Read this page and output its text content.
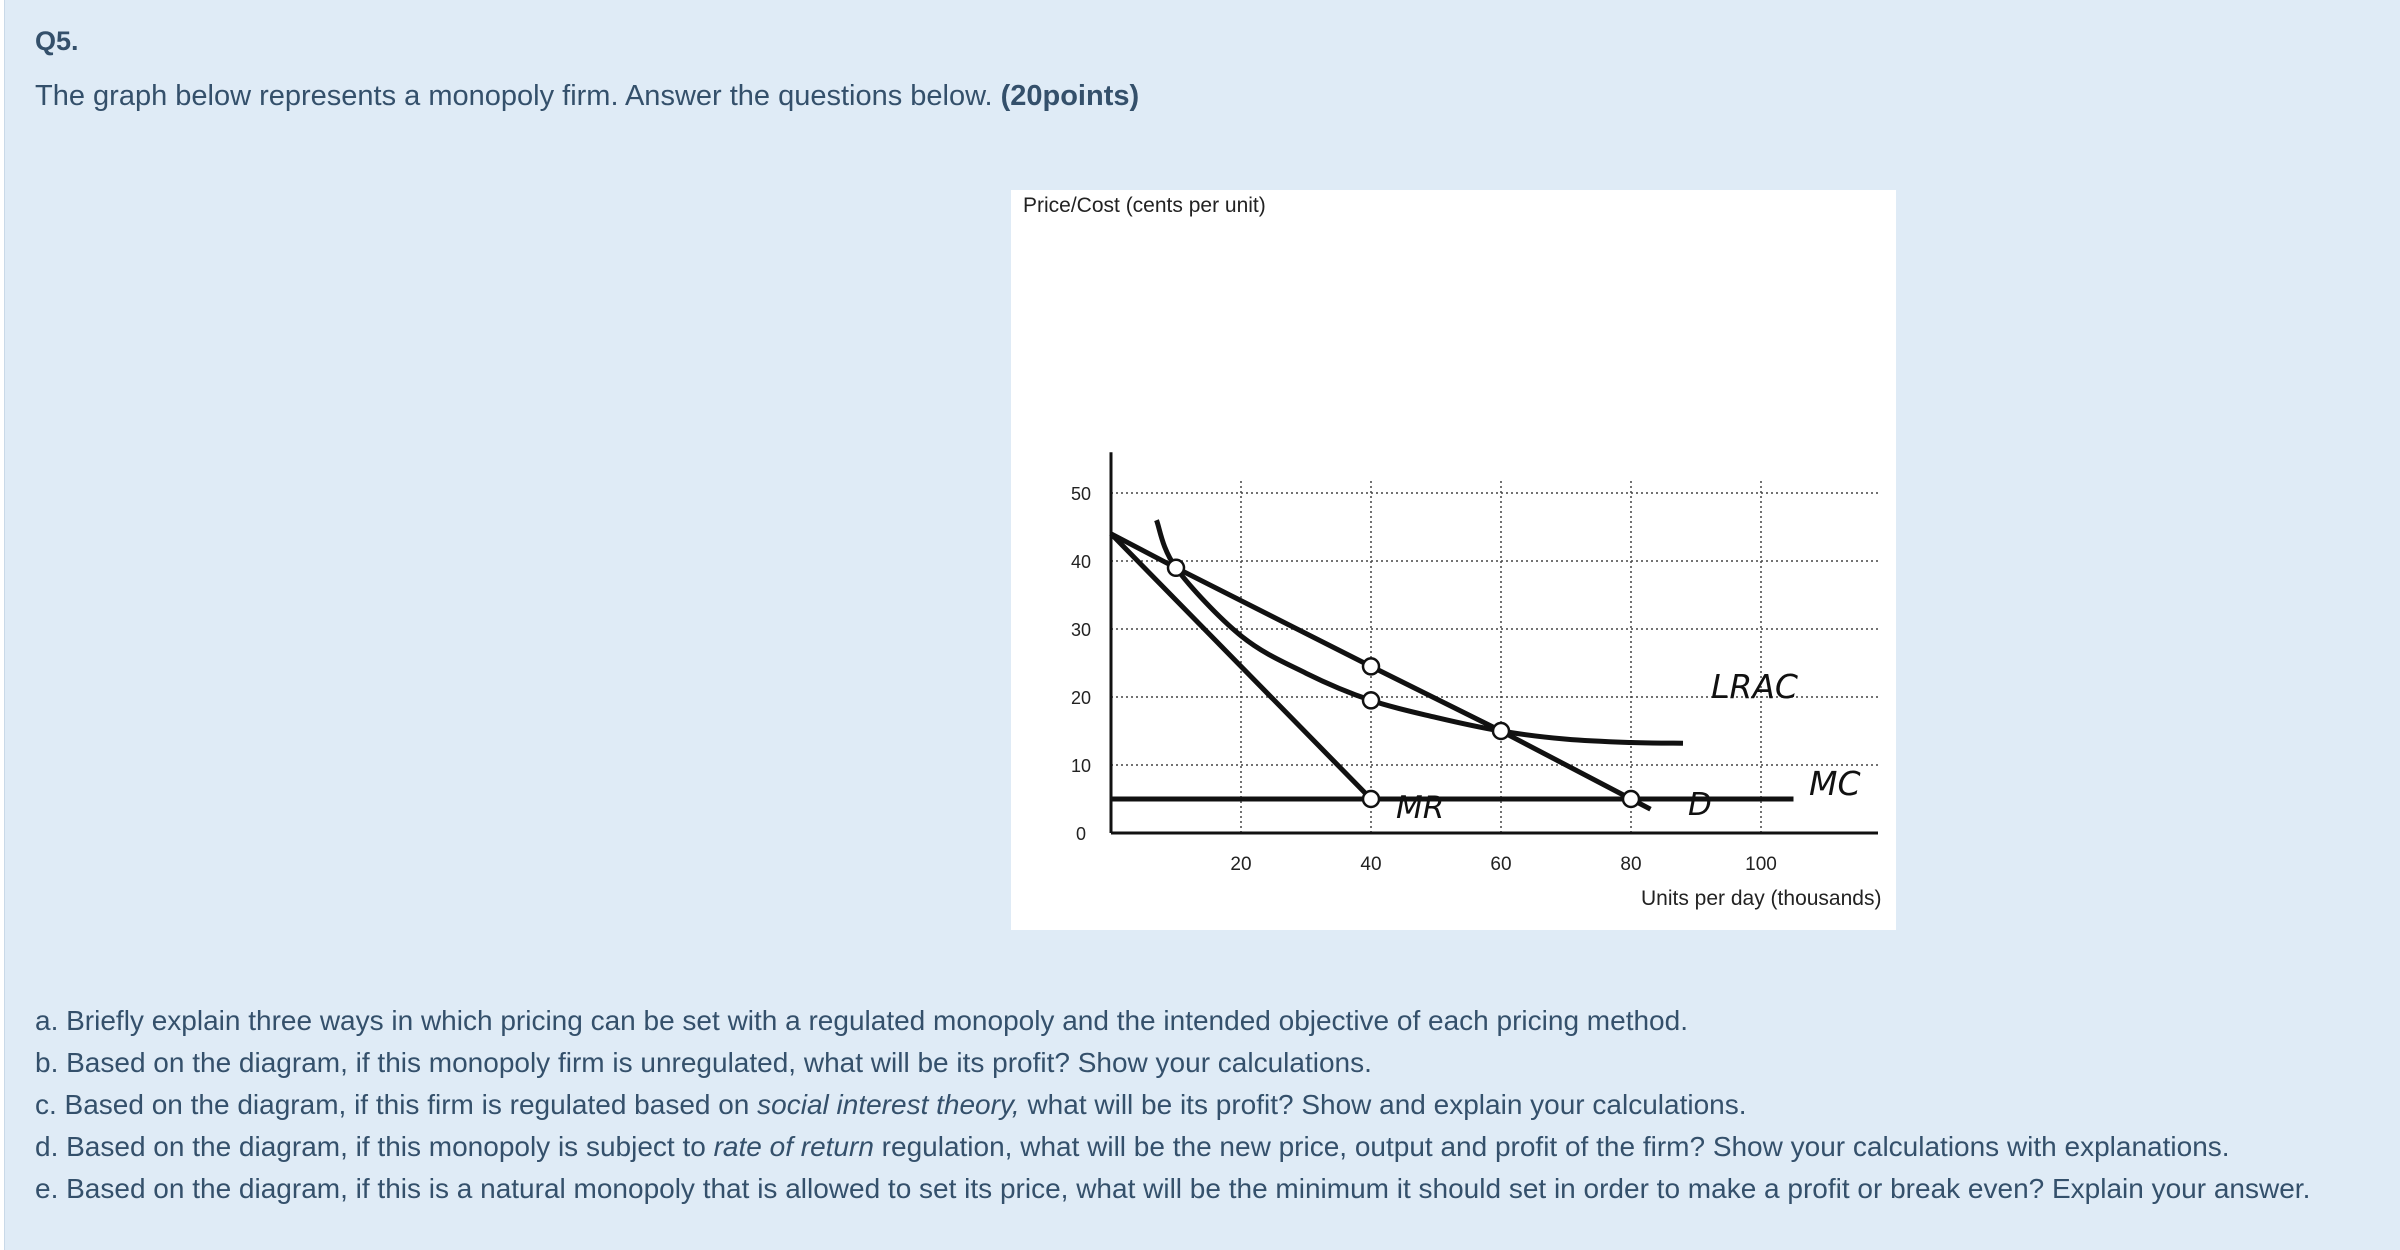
Q5.
The graph below represents a monopoly firm. Answer the questions below. (20points)
Price/Cost (cents per unit)
Units per day (thousands)
50
40
30
20
10
0
20	40	60	80	100
LRAC
MC
MR	D
a. Briefly explain three ways in which pricing can be set with a regulated monopoly and the intended objective of each pricing method.
b. Based on the diagram, if this monopoly firm is unregulated, what will be its profit? Show your calculations.
c. Based on the diagram, if this firm is regulated based on social interest theory, what will be its profit? Show and explain your calculations.
d. Based on the diagram, if this monopoly is subject to rate of return regulation, what will be the new price, output and profit of the firm? Show your calculations with explanations.
e. Based on the diagram, if this is a natural monopoly that is allowed to set its price, what will be the minimum it should set in order to make a profit or break even? Explain your answer.
